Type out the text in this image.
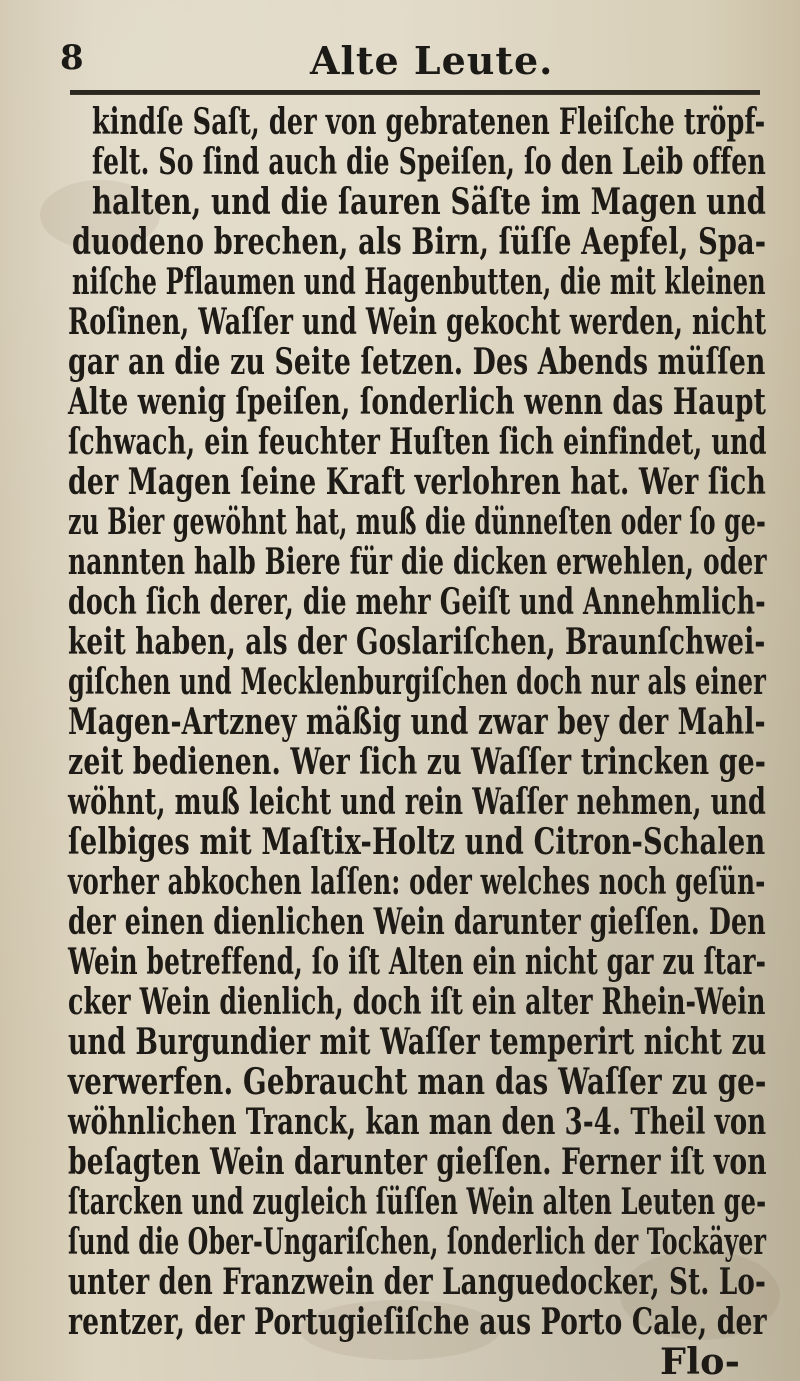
8	Alte Leute.
kindſe Saſt, der von gebratenen Fleiſche tröpf-
felt. So ſind auch die Speiſen, ſo den Leib offen
halten, und die ſauren Säſte im Magen und
duodeno brechen, als Birn, ſüſſe Aepfel, Spa-
niſche Pflaumen und Hagenbutten, die mit kleinen
Roſinen, Waſſer und Wein gekocht werden, nicht
gar an die zu Seite ſetzen. Des Abends müſſen
Alte wenig ſpeiſen, ſonderlich wenn das Haupt
ſchwach, ein feuchter Huſten ſich einfindet, und
der Magen ſeine Kraft verlohren hat. Wer ſich
zu Bier gewöhnt hat, muß die dünneſten oder ſo ge-
nannten halb Biere für die dicken erwehlen, oder
doch ſich derer, die mehr Geiſt und Annehmlich-
keit haben, als der Goslariſchen, Braunſchwei-
giſchen und Mecklenburgiſchen doch nur als einer
Magen-Artzney mäßig und zwar bey der Mahl-
zeit bedienen. Wer ſich zu Waſſer trincken ge-
wöhnt, muß leicht und rein Waſſer nehmen, und
ſelbiges mit Maſtix-Holtz und Citron-Schalen
vorher abkochen laſſen: oder welches noch geſün-
der einen dienlichen Wein darunter gieſſen. Den
Wein betreffend, ſo iſt Alten ein nicht gar zu ſtar-
cker Wein dienlich, doch iſt ein alter Rhein-Wein
und Burgundier mit Waſſer temperirt nicht zu
verwerfen. Gebraucht man das Waſſer zu ge-
wöhnlichen Tranck, kan man den 3-4. Theil von
beſagten Wein darunter gieſſen. Ferner iſt von
ſtarcken und zugleich ſüſſen Wein alten Leuten ge-
ſund die Ober-Ungariſchen, ſonderlich der Tockäyer
unter den Franzwein der Languedocker, St. Lo-
rentzer, der Portugieſiſche aus Porto Cale, der
Flo-
